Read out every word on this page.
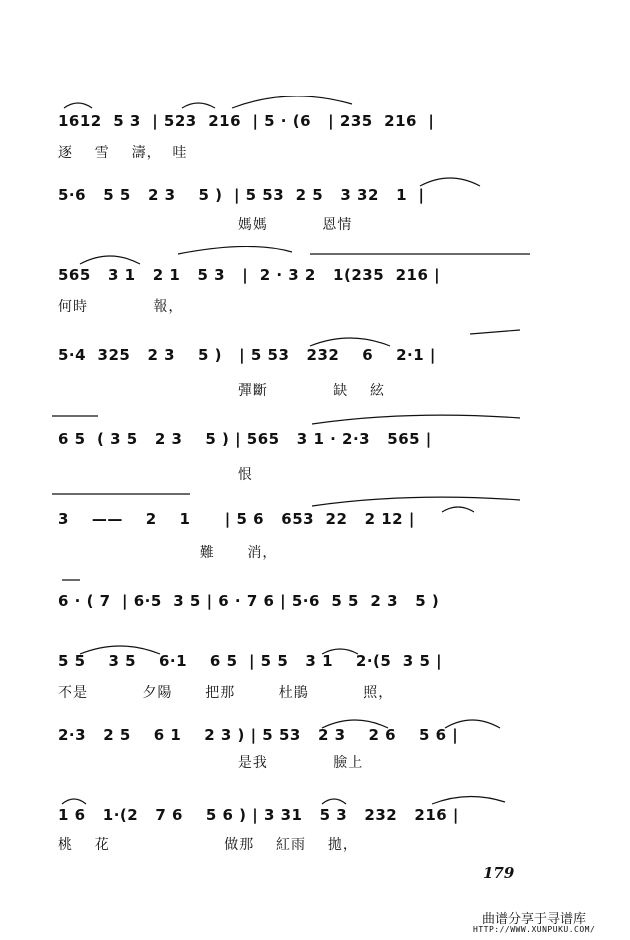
1612  5 3  | 523  216  | 5 · (6   | 235  216  |
逐    雪    濤，  哇
5·6   5 5   2 3    5 )  | 5 53  2 5   3 32   1  |
媽媽          恩情
565   3 1   2 1   5 3   |  2 · 3 2   1(235  216 |
何時            報，
5·4  325   2 3    5 )   | 5 53   232    6    2·1 |
彈斷            缺    絃
6 5  ( 3 5   2 3    5 ) | 565   3 1 · 2·3   565 |
恨
3    ——    2    1      | 5 6   653  22   2 12 |
難      消，
6 · ( 7  | 6·5  3 5 | 6 · 7 6 | 5·6  5 5  2 3   5 )
5 5    3 5    6·1    6 5  | 5 5   3 1    2·(5  3 5 |
不是          夕陽      把那        杜鵑          照，
2·3   2 5    6 1    2 3 ) | 5 53   2 3    2 6    5 6 |
是我            臉上
1 6   1·(2   7 6    5 6 ) | 3 31   5 3   232   216 |
桃    花                     做那    紅雨    拋，
179
曲谱分享于寻谱库
HTTP://WWW.XUNPUKU.COM/
